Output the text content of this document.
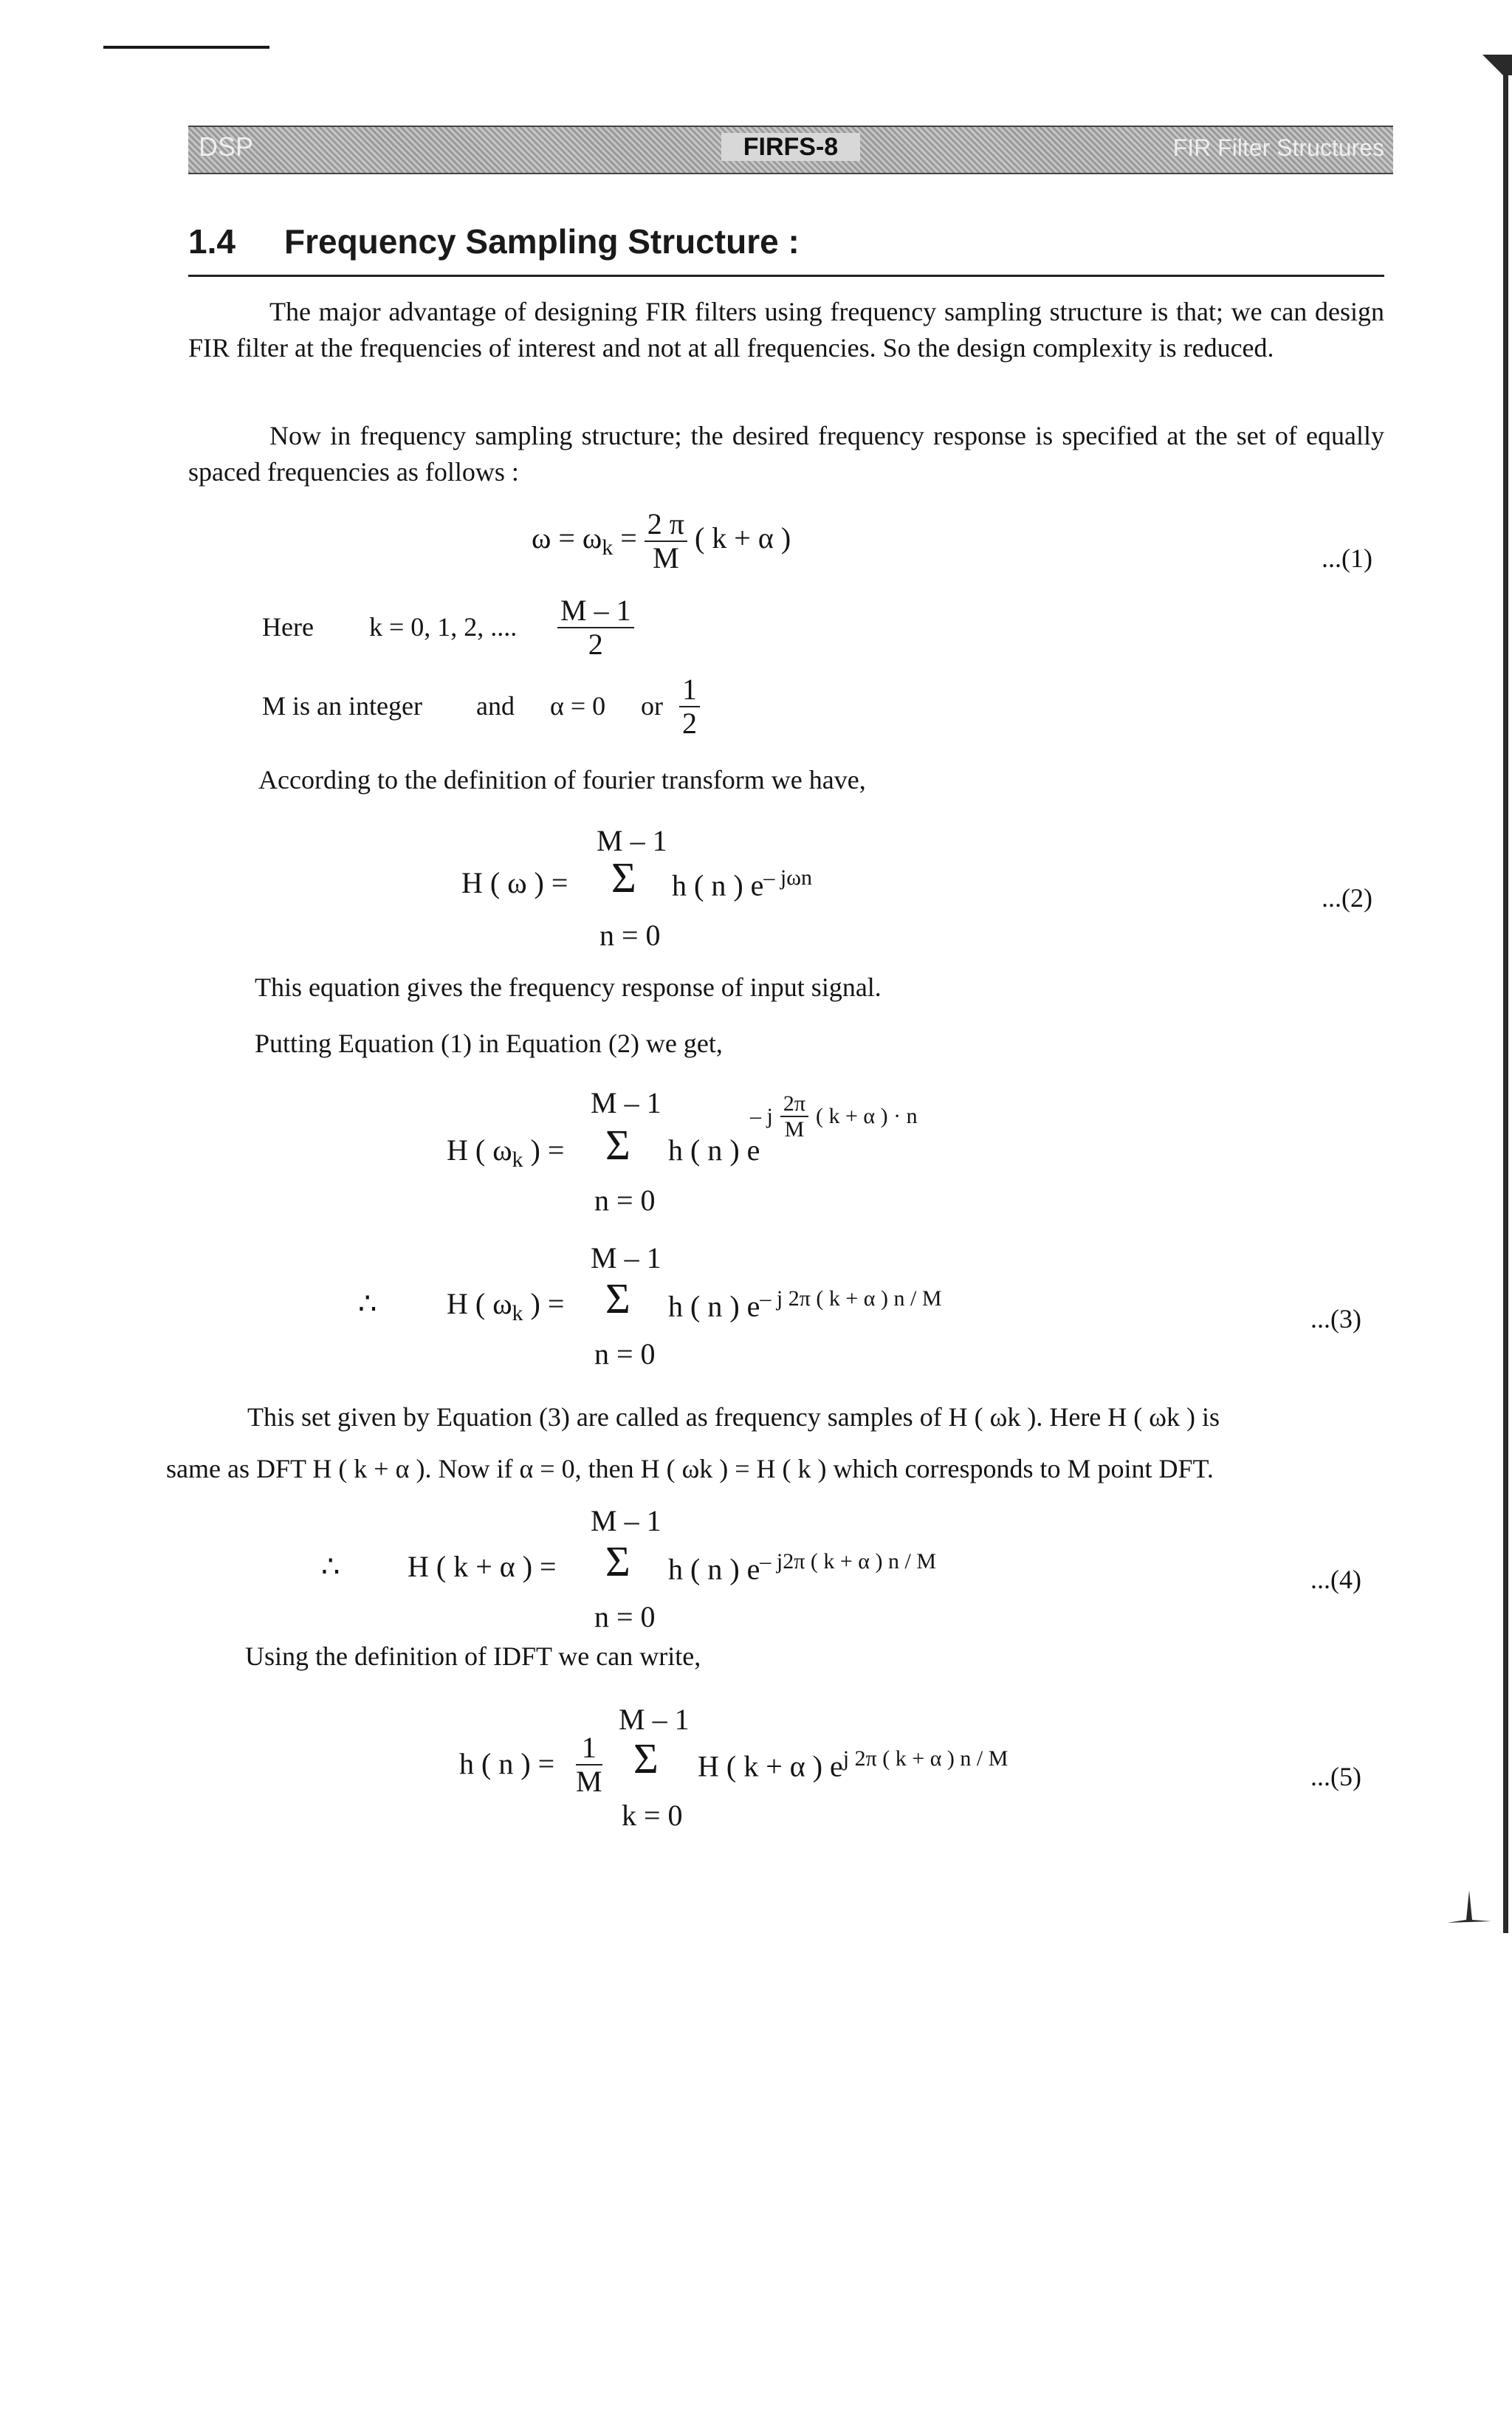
DSP	FIRFS-8	FIR Filter Structures
1.4 Frequency Sampling Structure :
The major advantage of designing FIR filters using frequency sampling structure is that; we can design FIR filter at the frequencies of interest and not at all frequencies. So the design complexity is reduced.
Now in frequency sampling structure; the desired frequency response is specified at the set of equally spaced frequencies as follows :
$\omega = \omega_k = \frac{2 \pi}{M}$ ( k + α )
...(1)
Here k = 0, 1, 2, .... $\frac{M - 1}{2}$
M is an integer and α = 0 or $\frac{1}{2}$
According to the definition of fourier transform we have,
M – 1
H ( ω ) = Σ h ( n ) $e^{- j\omega n}$
n = 0
...(2)
This equation gives the frequency response of input signal.
Putting Equation (1) in Equation (2) we get,
M – 1	– j $\frac{2\pi}{M}$ ( k + α ) · n
H ( $\omega_k$ ) = Σ h ( n ) e
n = 0
M – 1
∴ H ( $\omega_k$ ) = Σ h ( n ) $e^{- j 2\pi ( k + \alpha ) n / M}$
n = 0
...(3)
This set given by Equation (3) are called as frequency samples of H ( ωk ). Here H ( ωk ) is
same as DFT H ( k + α ). Now if α = 0, then H ( ωk ) = H ( k ) which corresponds to M point DFT.
M – 1
∴ H ( k + α ) = Σ h ( n ) $e^{- j2\pi ( k + \alpha ) n / M}$
n = 0
...(4)
Using the definition of IDFT we can write,
M – 1
h ( n ) = $\frac{1}{M}$ Σ H ( k + α ) $e^{j 2\pi ( k + \alpha ) n / M}$
k = 0
...(5)
